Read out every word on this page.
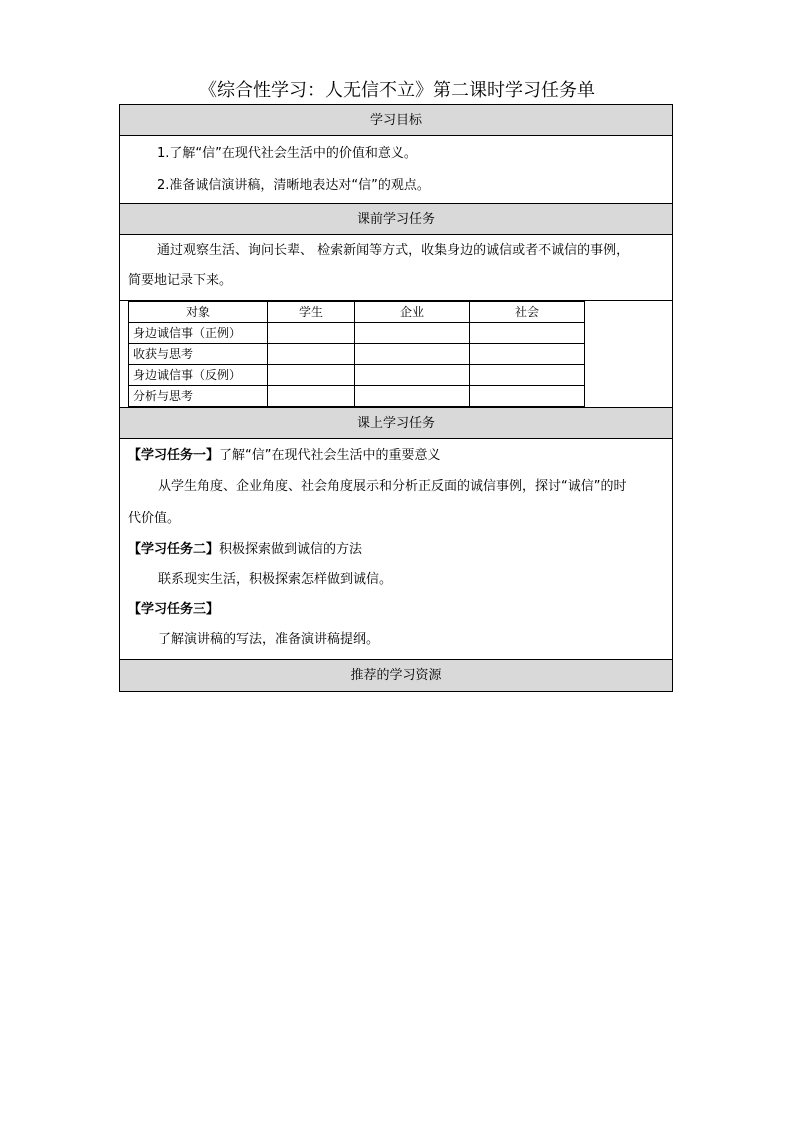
《综合性学习：人无信不立》第二课时学习任务单
学习目标
1.了解“信”在现代社会生活中的价值和意义。
2.准备诚信演讲稿，清晰地表达对“信”的观点。
课前学习任务
通过观察生活、询问长辈、 检索新闻等方式，收集身边的诚信或者不诚信的事例，
简要地记录下来。
对象	学生	企业	社会
身边诚信事（正例）			
收获与思考			
身边诚信事（反例）			
分析与思考			
课上学习任务
【学习任务一】了解“信”在现代社会生活中的重要意义
从学生角度、企业角度、社会角度展示和分析正反面的诚信事例，探讨“诚信”的时
代价值。
【学习任务二】积极探索做到诚信的方法
联系现实生活，积极探索怎样做到诚信。
【学习任务三】
了解演讲稿的写法，准备演讲稿提纲。
推荐的学习资源
